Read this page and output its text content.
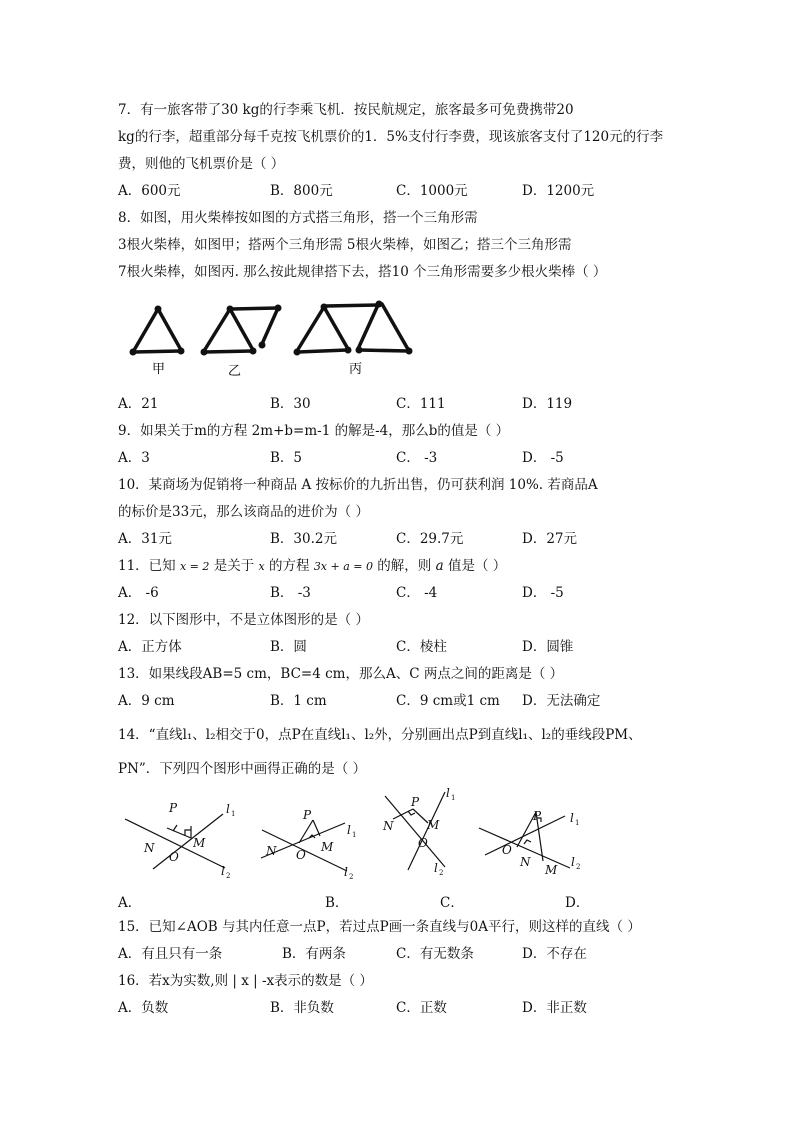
7．有一旅客带了30 kg的行李乘飞机．按民航规定，旅客最多可免费携带20
kg的行李，超重部分每千克按飞机票价的1．5%支付行李费，现该旅客支付了120元的行李
费，则他的飞机票价是（ ）
A．600元	B．800元	C．1000元	D．1200元
8．如图，用火柴棒按如图的方式搭三角形，搭一个三角形需
3根火柴棒，如图甲；搭两个三角形需 5根火柴棒，如图乙；搭三个三角形需
7根火柴棒，如图丙. 那么按此规律搭下去，搭10 个三角形需要多少根火柴棒（ ）
甲	乙	丙
A．21	B．30	C．111	D．119
9．如果关于m的方程 2m+b=m-1 的解是-4，那么b的值是（ ）
A．3	B．5	C． -3	D． -5
10．某商场为促销将一种商品 A 按标价的九折出售，仍可获利润 10%. 若商品A
的标价是33元，那么该商品的进价为（ ）
A．31元	B．30.2元	C．29.7元	D．27元
11．已知 x = 2 是关于 x 的方程 3x + a = 0 的解，则 a 值是（ ）
A． -6	B． -3	C． -4	D． -5
12．以下图形中，不是立体图形的是（ ）
A．正方体	B．圆	C．棱柱	D．圆锥
13．如果线段AB=5 cm，BC=4 cm，那么A、C 两点之间的距离是（ ）
A．9 cm	B．1 cm	C．9 cm或1 cm D．无法确定
14．“直线l₁、l₂相交于0，点P在直线l₁、l₂外，分别画出点P到直线l₁、l₂的垂线段PM、
PN”．下列四个图形中画得正确的是（ ）
P
M
N
O
l 1
l 2
P
M
N O
l 1
l 2
P
M
N
O
l 1
l 2
P
M
N
O
l 1
l 2
A．	B．	C．	D．
15．已知∠AOB 与其内任意一点P，若过点P画一条直线与0A平行，则这样的直线（ ）
A．有且只有一条	B．有两条	C．有无数条	D．不存在
16．若x为实数,则 | x | -x表示的数是（ ）
A．负数	B．非负数	C．正数	D．非正数
